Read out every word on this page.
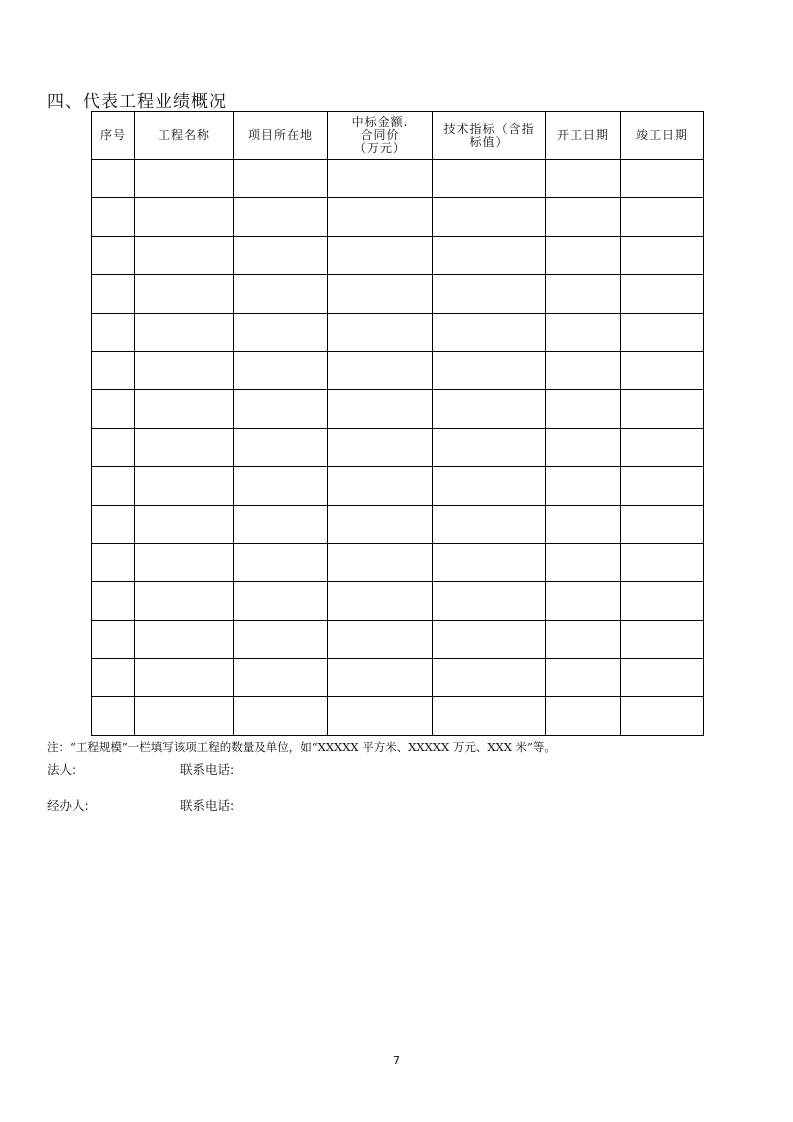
四、代表工程业绩概况
序号	工程名称	项目所在地	中标金额.
合同价
（万元）	技术指标（含指
标值）	开工日期	竣工日期

注：“工程规模”一栏填写该项工程的数量及单位，如“XXXXX 平方米、XXXXX 万元、XXX 米”等。
法人:	联系电话:
经办人:	联系电话:
7
